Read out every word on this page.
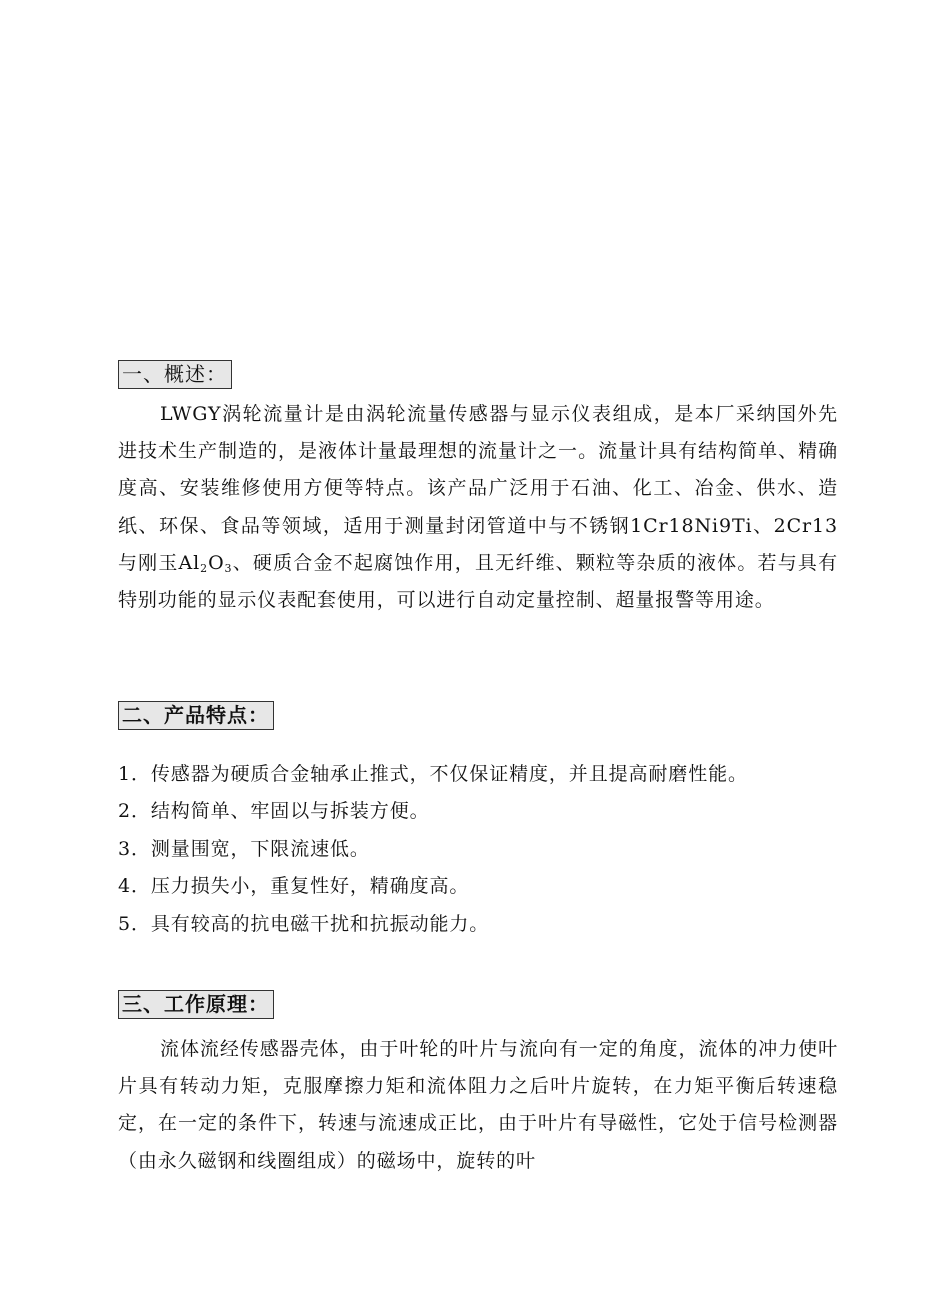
一、概述：
LWGY涡轮流量计是由涡轮流量传感器与显示仪表组成，是本厂采纳国外先进技术生产制造的，是液体计量最理想的流量计之一。流量计具有结构简单、精确度高、安装维修使用方便等特点。该产品广泛用于石油、化工、冶金、供水、造纸、环保、食品等领域，适用于测量封闭管道中与不锈钢1Cr18Ni9Ti、2Cr13与刚玉$Al_2O_3$、硬质合金不起腐蚀作用，且无纤维、颗粒等杂质的液体。若与具有特别功能的显示仪表配套使用，可以进行自动定量控制、超量报警等用途。
二、产品特点：
1．传感器为硬质合金轴承止推式，不仅保证精度，并且提高耐磨性能。
2．结构简单、牢固以与拆装方便。
3．测量围宽，下限流速低。
4．压力损失小，重复性好，精确度高。
5．具有较高的抗电磁干扰和抗振动能力。
三、工作原理：
流体流经传感器壳体，由于叶轮的叶片与流向有一定的角度，流体的冲力使叶片具有转动力矩，克服摩擦力矩和流体阻力之后叶片旋转，在力矩平衡后转速稳定，在一定的条件下，转速与流速成正比，由于叶片有导磁性，它处于信号检测器（由永久磁钢和线圈组成）的磁场中，旋转的叶
